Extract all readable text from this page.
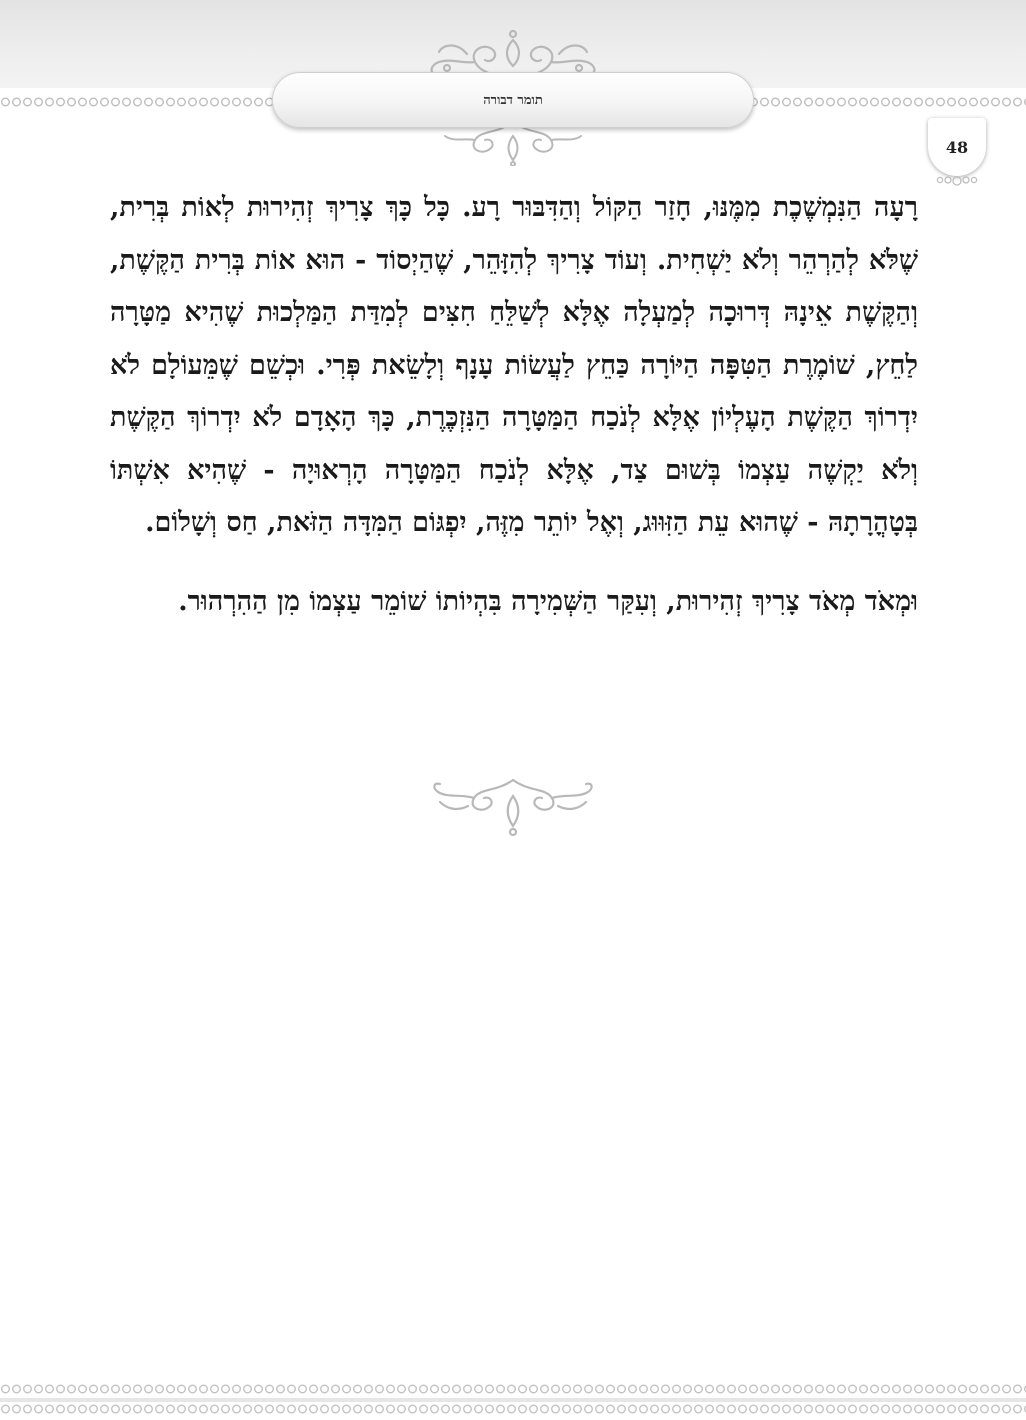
תומר דבורה
48

רָעָה הַנִּמְשֶׁכֶת מִמֶּנּוּ, חָזַר הַקּוֹל וְהַדִּבּוּר רָע. כָּל כָּךְ צָרִיךְ זְהִירוּת לְאוֹת בְּרִית, שֶׁלֹּא לְהַרְהֵר וְלֹא יַשְׁחִית. וְעוֹד צָרִיךְ לְהִזָּהֵר, שֶׁהַיְסוֹד - הוּא אוֹת בְּרִית הַקֶּשֶׁת, וְהַקֶּשֶׁת אֵינָהּ דְּרוּכָה לְמַעְלָה אֶלָּא לְשַׁלֵּחַ חִצִּים לְמִדַּת הַמַּלְכוּת שֶׁהִיא מַטָּרָה לַחֵץ, שׁוֹמֶרֶת הַטִּפָּה הַיּוֹרָה כַּחֵץ לַעֲשׂוֹת עָנָף וְלָשֵׂאת פְּרִי. וּכְשֵׁם שֶׁמֵּעוֹלָם לֹא יִדְרוֹךְ הַקֶּשֶׁת הָעֶלְיוֹן אֶלָּא לְנֹכַח הַמַּטָּרָה הַנִּזְכֶּרֶת, כָּךְ הָאָדָם לֹא יִדְרוֹךְ הַקֶּשֶׁת וְלֹא יַקְשֶׁה עַצְמוֹ בְּשׁוּם צַד, אֶלָּא לְנֹכַח הַמַּטָּרָה הָרְאוּיָה - שֶׁהִיא אִשְׁתּוֹ בְּטָהֳרָתָהּ - שֶׁהוּא עֵת הַזִּוּוּג, וְאֶל יוֹתֵר מִזֶּה, יִפְגּוֹם הַמִּדָּה הַזֹּאת, חַס וְשָׁלוֹם.

וּמְאֹד מְאֹד צָרִיךְ זְהִירוּת, וְעִקַּר הַשְּׁמִירָה בִּהְיוֹתוֹ שׁוֹמֵר עַצְמוֹ מִן הַהִרְהוּר.
